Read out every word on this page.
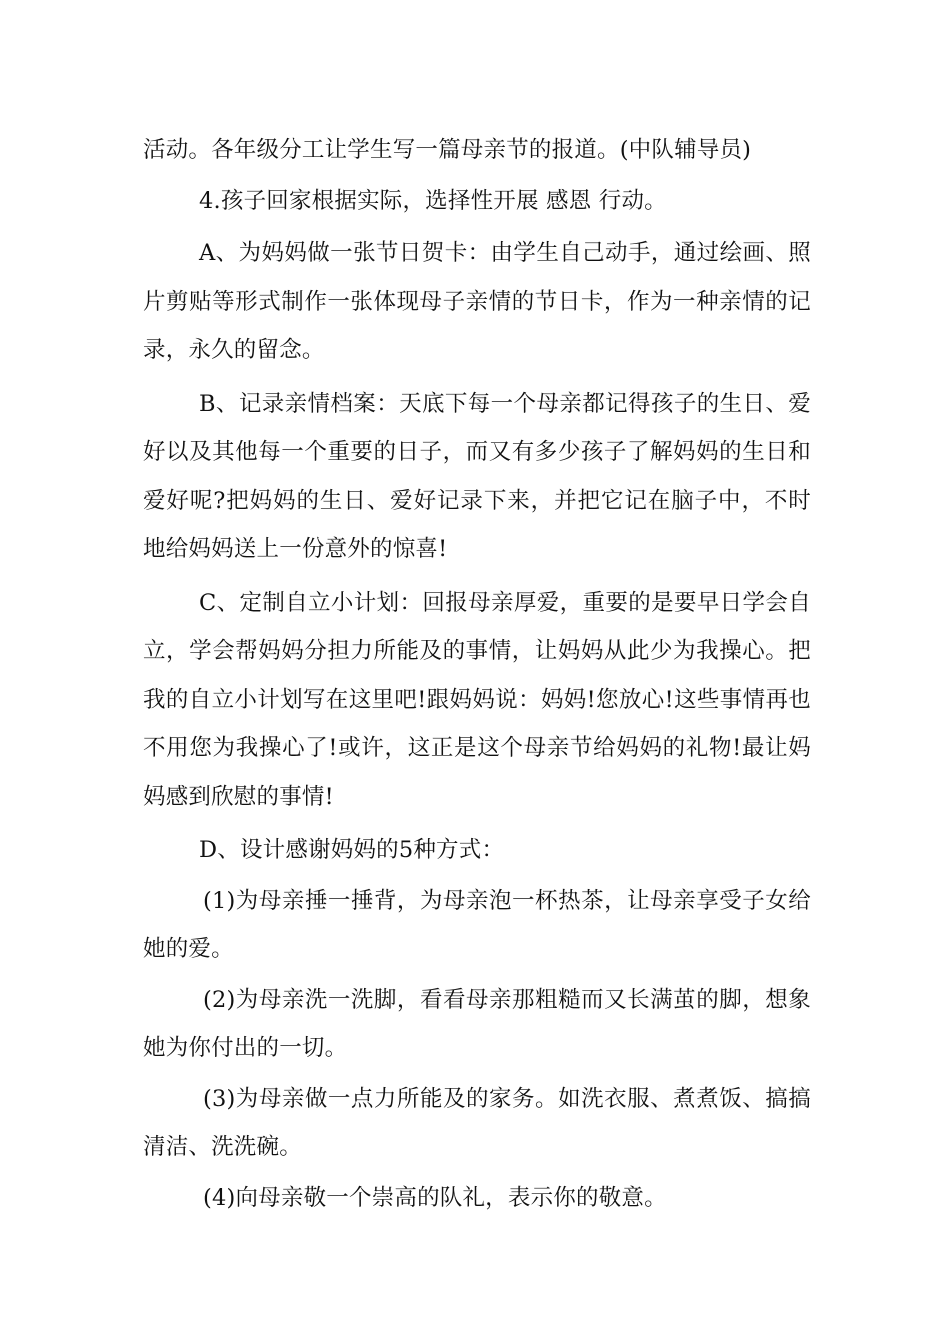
活动。各年级分工让学生写一篇母亲节的报道。(中队辅导员)

4.孩子回家根据实际，选择性开展 感恩 行动。

A、为妈妈做一张节日贺卡：由学生自己动手，通过绘画、照片剪贴等形式制作一张体现母子亲情的节日卡，作为一种亲情的记录，永久的留念。

B、记录亲情档案：天底下每一个母亲都记得孩子的生日、爱好以及其他每一个重要的日子，而又有多少孩子了解妈妈的生日和爱好呢?把妈妈的生日、爱好记录下来，并把它记在脑子中，不时地给妈妈送上一份意外的惊喜!

C、定制自立小计划：回报母亲厚爱，重要的是要早日学会自立，学会帮妈妈分担力所能及的事情，让妈妈从此少为我操心。把我的自立小计划写在这里吧!跟妈妈说：妈妈!您放心!这些事情再也不用您为我操心了!或许，这正是这个母亲节给妈妈的礼物!最让妈妈感到欣慰的事情!

D、设计感谢妈妈的5种方式：

(1)为母亲捶一捶背，为母亲泡一杯热茶，让母亲享受子女给她的爱。

(2)为母亲洗一洗脚，看看母亲那粗糙而又长满茧的脚，想象她为你付出的一切。

(3)为母亲做一点力所能及的家务。如洗衣服、煮煮饭、搞搞清洁、洗洗碗。

(4)向母亲敬一个崇高的队礼，表示你的敬意。
